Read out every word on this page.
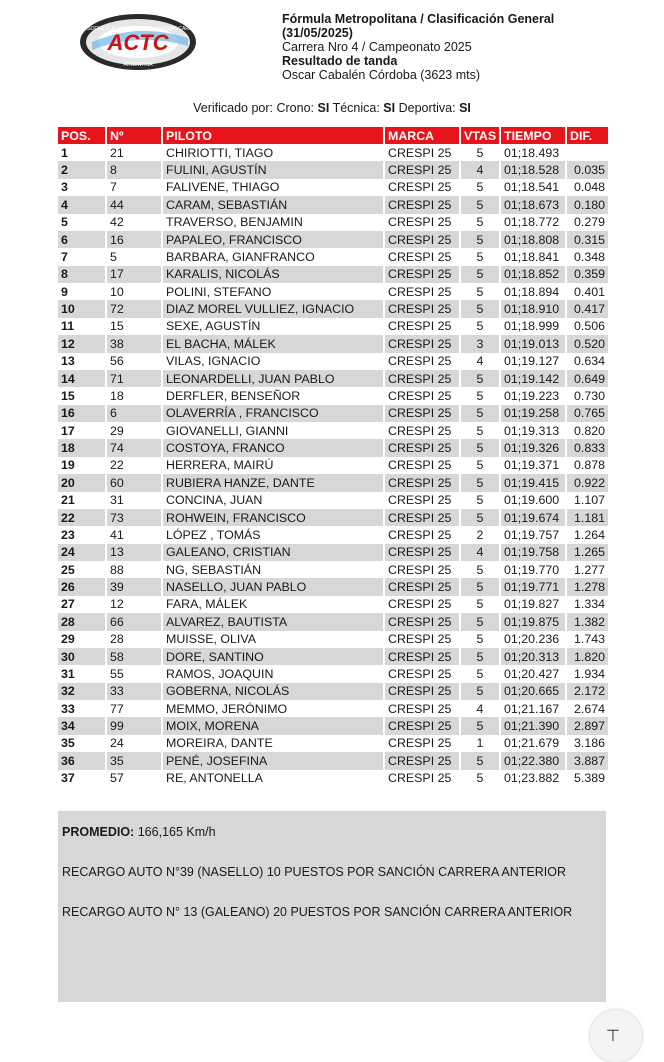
ASOCIACION CORREDORES TURISMO CARRETERA
ACTC
ARGENTINA
Fórmula Metropolitana / Clasificación General
(31/05/2025)
Carrera Nro 4 / Campeonato 2025
Resultado de tanda
Oscar Cabalén Córdoba (3623 mts)
Verificado por: Crono: SI Técnica: SI Deportiva: SI
POS.	Nº	PILOTO	MARCA	VTAS	TIEMPO	DIF.
1	21	CHIRIOTTI, TIAGO	CRESPI 25	5	01;18.493	
2	8	FULINI, AGUSTÍN	CRESPI 25	4	01;18.528	0.035
3	7	FALIVENE, THIAGO	CRESPI 25	5	01;18.541	0.048
4	44	CARAM, SEBASTIÁN	CRESPI 25	5	01;18.673	0.180
5	42	TRAVERSO, BENJAMIN	CRESPI 25	5	01;18.772	0.279
6	16	PAPALEO, FRANCISCO	CRESPI 25	5	01;18.808	0.315
7	5	BARBARA, GIANFRANCO	CRESPI 25	5	01;18.841	0.348
8	17	KARALIS, NICOLÁS	CRESPI 25	5	01;18.852	0.359
9	10	POLINI, STEFANO	CRESPI 25	5	01;18.894	0.401
10	72	DIAZ MOREL VULLIEZ, IGNACIO	CRESPI 25	5	01;18.910	0.417
11	15	SEXE, AGUSTÍN	CRESPI 25	5	01;18.999	0.506
12	38	EL BACHA, MÁLEK	CRESPI 25	3	01;19.013	0.520
13	56	VILAS, IGNACIO	CRESPI 25	4	01;19.127	0.634
14	71	LEONARDELLI, JUAN PABLO	CRESPI 25	5	01;19.142	0.649
15	18	DERFLER, BENSEÑOR	CRESPI 25	5	01;19.223	0.730
16	6	OLAVERRÍA , FRANCISCO	CRESPI 25	5	01;19.258	0.765
17	29	GIOVANELLI, GIANNI	CRESPI 25	5	01;19.313	0.820
18	74	COSTOYA, FRANCO	CRESPI 25	5	01;19.326	0.833
19	22	HERRERA, MAIRÚ	CRESPI 25	5	01;19.371	0.878
20	60	RUBIERA HANZE, DANTE	CRESPI 25	5	01;19.415	0.922
21	31	CONCINA, JUAN	CRESPI 25	5	01;19.600	1.107
22	73	ROHWEIN, FRANCISCO	CRESPI 25	5	01;19.674	1.181
23	41	LÓPEZ , TOMÁS	CRESPI 25	2	01;19.757	1.264
24	13	GALEANO, CRISTIAN	CRESPI 25	4	01;19.758	1.265
25	88	NG, SEBASTIÁN	CRESPI 25	5	01;19.770	1.277
26	39	NASELLO, JUAN PABLO	CRESPI 25	5	01;19.771	1.278
27	12	FARA, MÁLEK	CRESPI 25	5	01;19.827	1.334
28	66	ALVAREZ, BAUTISTA	CRESPI 25	5	01;19.875	1.382
29	28	MUISSE, OLIVA	CRESPI 25	5	01;20.236	1.743
30	58	DORE, SANTINO	CRESPI 25	5	01;20.313	1.820
31	55	RAMOS, JOAQUIN	CRESPI 25	5	01;20.427	1.934
32	33	GOBERNA, NICOLÁS	CRESPI 25	5	01;20.665	2.172
33	77	MEMMO, JERÓNIMO	CRESPI 25	4	01;21.167	2.674
34	99	MOIX, MORENA	CRESPI 25	5	01;21.390	2.897
35	24	MOREIRA, DANTE	CRESPI 25	1	01;21.679	3.186
36	35	PENÉ, JOSEFINA	CRESPI 25	5	01;22.380	3.887
37	57	RE, ANTONELLA	CRESPI 25	5	01;23.882	5.389
PROMEDIO: 166,165 Km/h
RECARGO AUTO N°39 (NASELLO) 10 PUESTOS POR SANCIÓN CARRERA ANTERIOR
RECARGO AUTO N° 13 (GALEANO) 20 PUESTOS POR SANCIÓN CARRERA ANTERIOR
⊤
